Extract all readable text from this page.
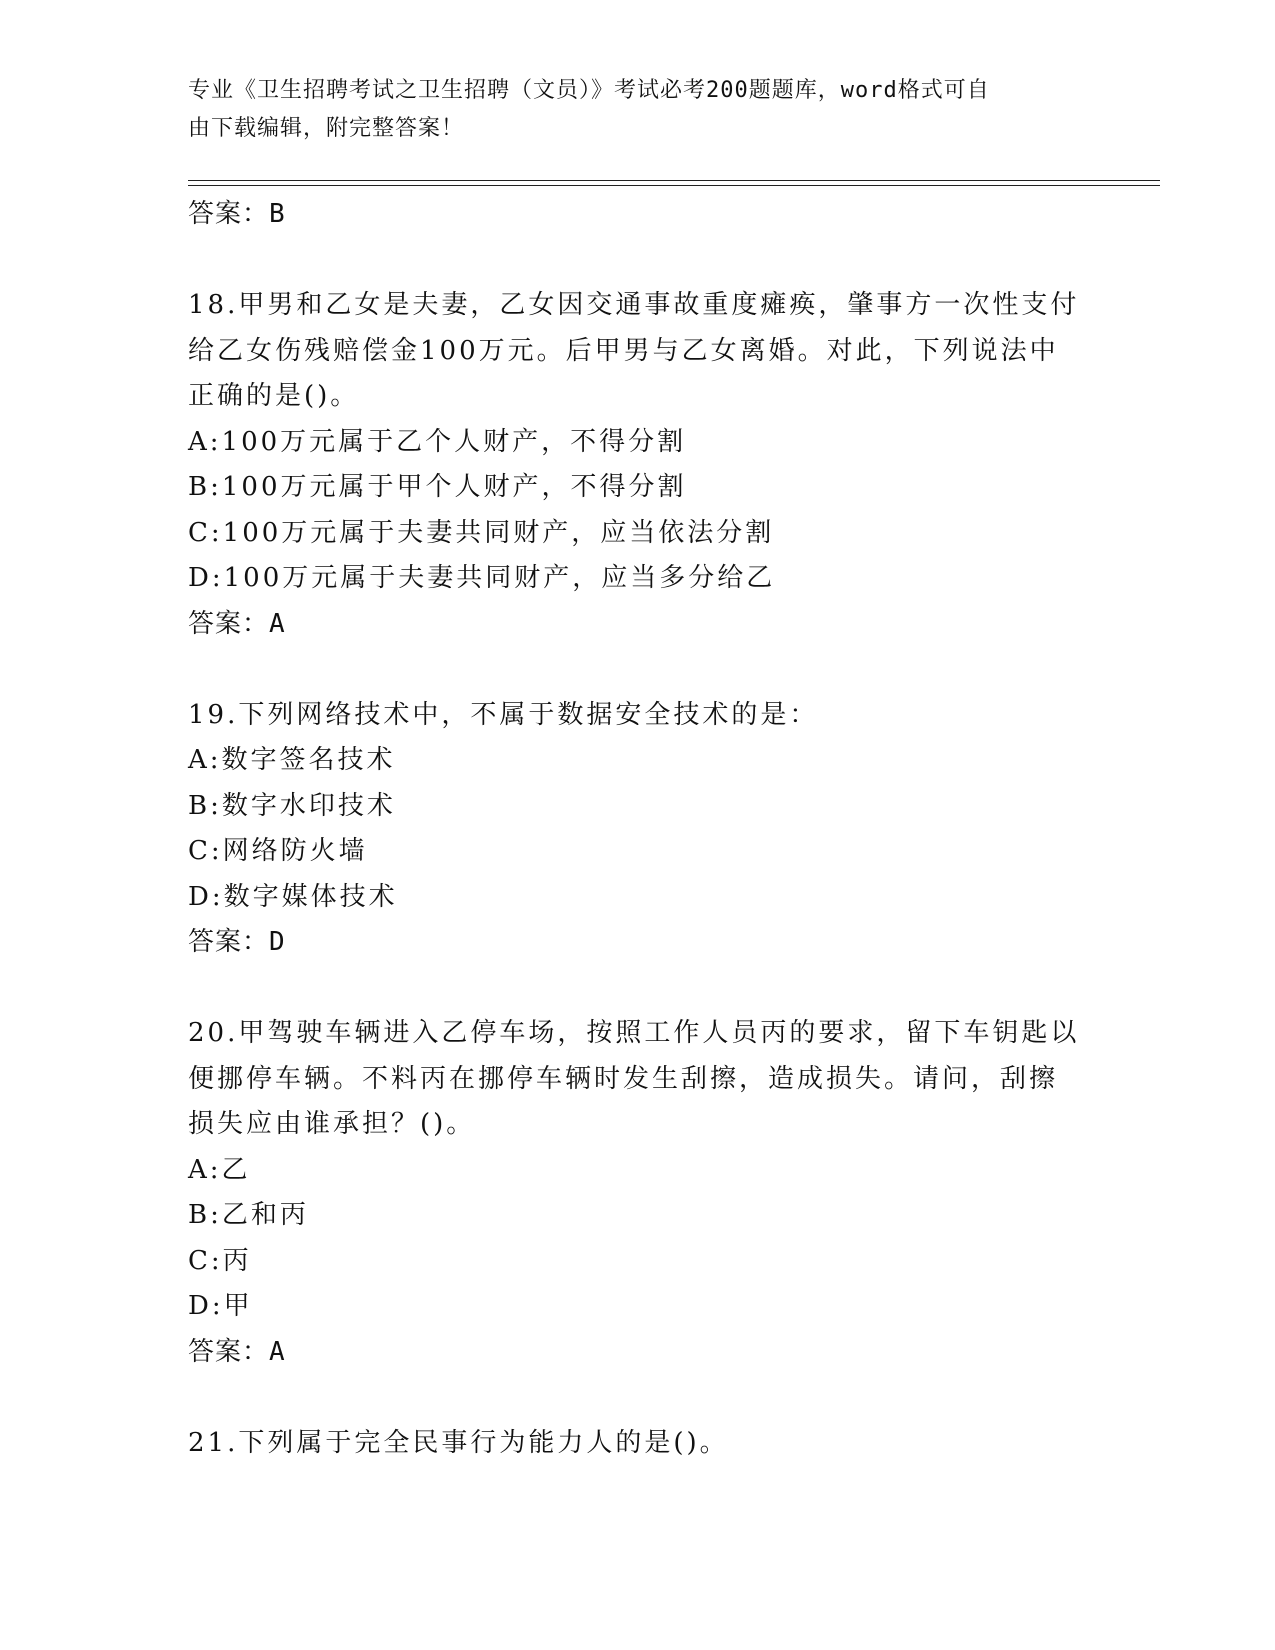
专业《卫生招聘考试之卫生招聘（文员）》考试必考200题题库，word格式可自
由下载编辑，附完整答案！
答案：B
18.甲男和乙女是夫妻，乙女因交通事故重度瘫痪，肇事方一次性支付
给乙女伤残赔偿金100万元。后甲男与乙女离婚。对此，下列说法中
正确的是()。
A:100万元属于乙个人财产，不得分割
B:100万元属于甲个人财产，不得分割
C:100万元属于夫妻共同财产，应当依法分割
D:100万元属于夫妻共同财产，应当多分给乙
答案：A
19.下列网络技术中，不属于数据安全技术的是：
A:数字签名技术
B:数字水印技术
C:网络防火墙
D:数字媒体技术
答案：D
20.甲驾驶车辆进入乙停车场，按照工作人员丙的要求，留下车钥匙以
便挪停车辆。不料丙在挪停车辆时发生刮擦，造成损失。请问，刮擦
损失应由谁承担？()。
A:乙
B:乙和丙
C:丙
D:甲
答案：A
21.下列属于完全民事行为能力人的是()。
